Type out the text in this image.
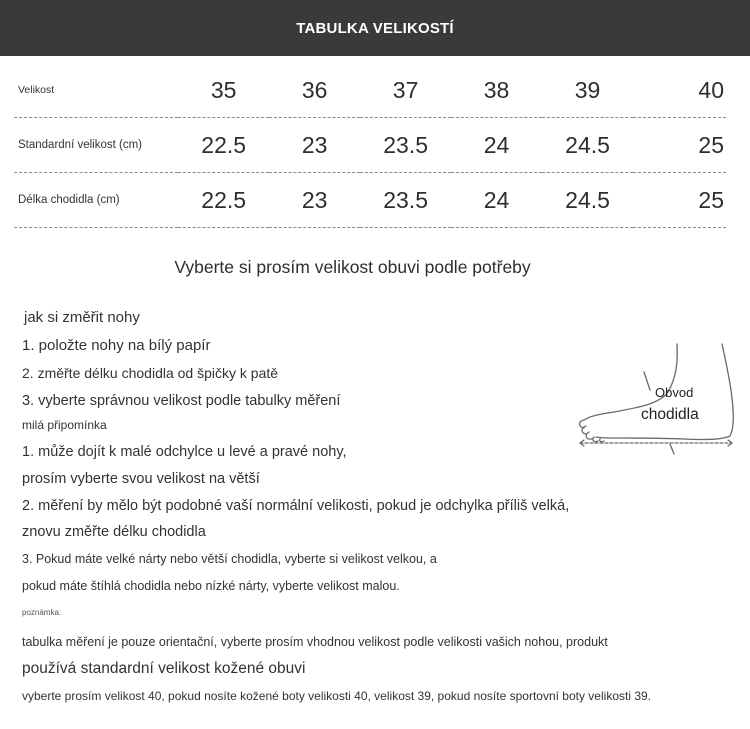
TABULKA VELIKOSTÍ
Velikost	35	36	37	38	39	40
Standardní velikost (cm)	22.5	23	23.5	24	24.5	25
Délka chodidla (cm)	22.5	23	23.5	24	24.5	25
Vyberte si prosím velikost obuvi podle potřeby
jak si změřit nohy
1. položte nohy na bílý papír
2. změřte délku chodidla od špičky k patě
3. vyberte správnou velikost podle tabulky měření
milá připomínka
1. může dojít k malé odchylce u levé a pravé nohy,
prosím vyberte svou velikost na větší
2. měření by mělo být podobné vaší normální velikosti, pokud je odchylka příliš velká,
znovu změřte délku chodidla
3. Pokud máte velké nárty nebo větší chodidla, vyberte si velikost velkou, a
pokud máte štíhlá chodidla nebo nízké nárty, vyberte velikost malou.
poznámka:
tabulka měření je pouze orientační, vyberte prosím vhodnou velikost podle velikosti vašich nohou, produkt
používá standardní velikost kožené obuvi
vyberte prosím velikost 40, pokud nosíte kožené boty velikosti 40, velikost 39, pokud nosíte sportovní boty velikosti 39.
Obvod
chodidla
